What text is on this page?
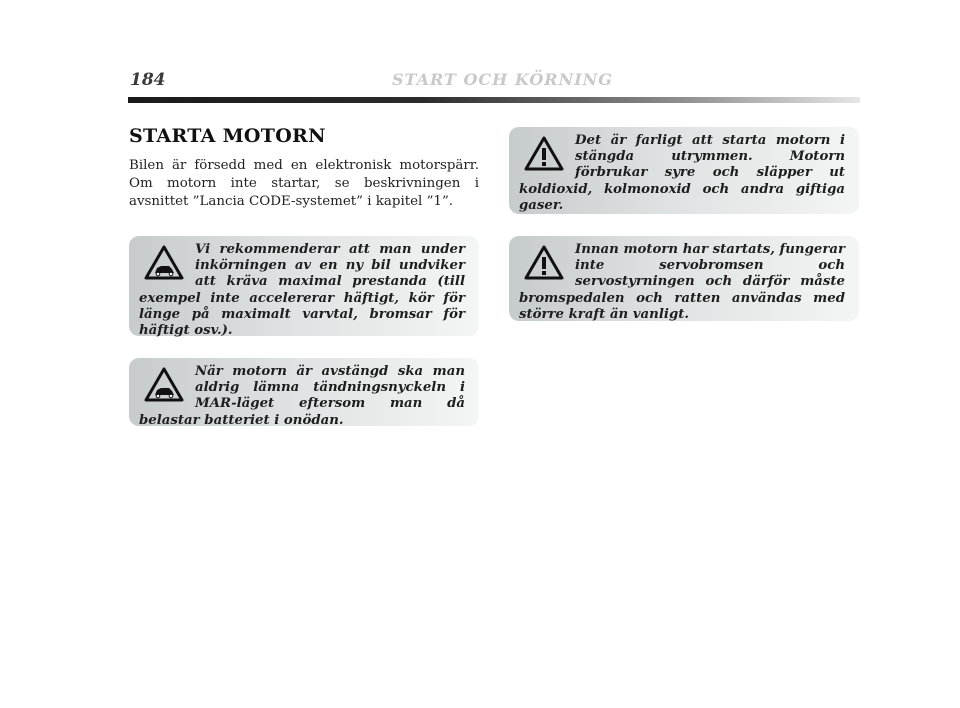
184	START OCH KÖRNING
STARTA MOTORN
Bilen är försedd med en elektronisk motorspärr. Om motorn inte startar, se beskrivningen i avsnittet ”Lancia CODE-systemet” i kapitel ”1”.
Vi rekommenderar att man under inkörningen av en ny bil undviker att kräva maximal prestanda (till exempel inte accelererar häftigt, kör för länge på maximalt varvtal, bromsar för häftigt osv.).
När motorn är avstängd ska man aldrig lämna tändningsnyckeln i MAR-läget eftersom man då belastar batteriet i onödan.
Det är farligt att starta motorn i stängda utrymmen. Motorn förbrukar syre och släpper ut koldioxid, kolmonoxid och andra giftiga gaser.
Innan motorn har startats, fungerar inte servobromsen och servostyrningen och därför måste bromspedalen och ratten användas med större kraft än vanligt.
